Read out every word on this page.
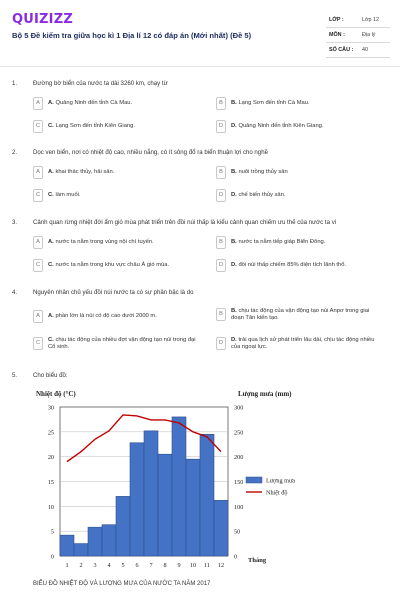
QUIZIZZ
Bộ 5 Đề kiểm tra giữa học kì 1 Địa lí 12 có đáp án (Mới nhất) (Đề 5)
LỚP :	Lớp 12
MÔN :	Địa lý
SỐ CÂU : 40
1.	Đường bờ biển của nước ta dài 3260 km, chạy từ
A	A. Quảng Ninh đến tỉnh Cà Mau.	B	B. Lạng Sơn đến tỉnh Cà Mau.
C	C. Lạng Sơn đến tỉnh Kiên Giang.	D	D. Quảng Ninh đến tỉnh Kiên Giang.
2.	Dọc ven biển, nơi có nhiệt độ cao, nhiều nắng, có ít sông đổ ra biển thuận lợi cho nghề
A	A. khai thác thủy, hải sản.	B	B. nuôi trồng thủy sản
C	C. làm muối.	D	D. chế biến thủy sản.
3.	Cảnh quan rừng nhiệt đới ẩm gió mùa phát triển trên đồi núi thấp là kiểu cảnh quan chiếm ưu thế của nước ta vì
A	A. nước ta nằm trong vùng nội chí tuyến.	B	B. nước ta nằm tiếp giáp Biển Đông.
C	C. nước ta nằm trong khu vực châu Á gió mùa.	D	D. đồi núi thấp chiếm 85% diện tích lãnh thổ.
4.	Nguyên nhân chủ yếu đồi núi nước ta có sự phân bậc là do
A	A. phần lớn là núi có độ cao dưới 2000 m.	B	B. chịu tác động của vận động tạo núi Anpơ trong giai đoạn Tân kiến tạo.
C	C. chịu tác động của nhiều đợt vận động tạo núi trong đại Cổ sinh.
D	D. trải qua lịch sử phát triển lâu dài, chịu tác động nhiều của ngoại lực.
5.	Cho biểu đồ:
Nhiệt độ (°C)	Lượng mưa (mm)
Tháng
0
5
10
15
20
25
30
0
50
100
150
200
250
300
1 2 3 4 5 6 7 8 9 10 11 12
Lượng mưa
Nhiệt độ
BIỂU ĐỒ NHIỆT ĐỘ VÀ LƯỢNG MƯA CỦA NƯỚC TA NĂM 2017
